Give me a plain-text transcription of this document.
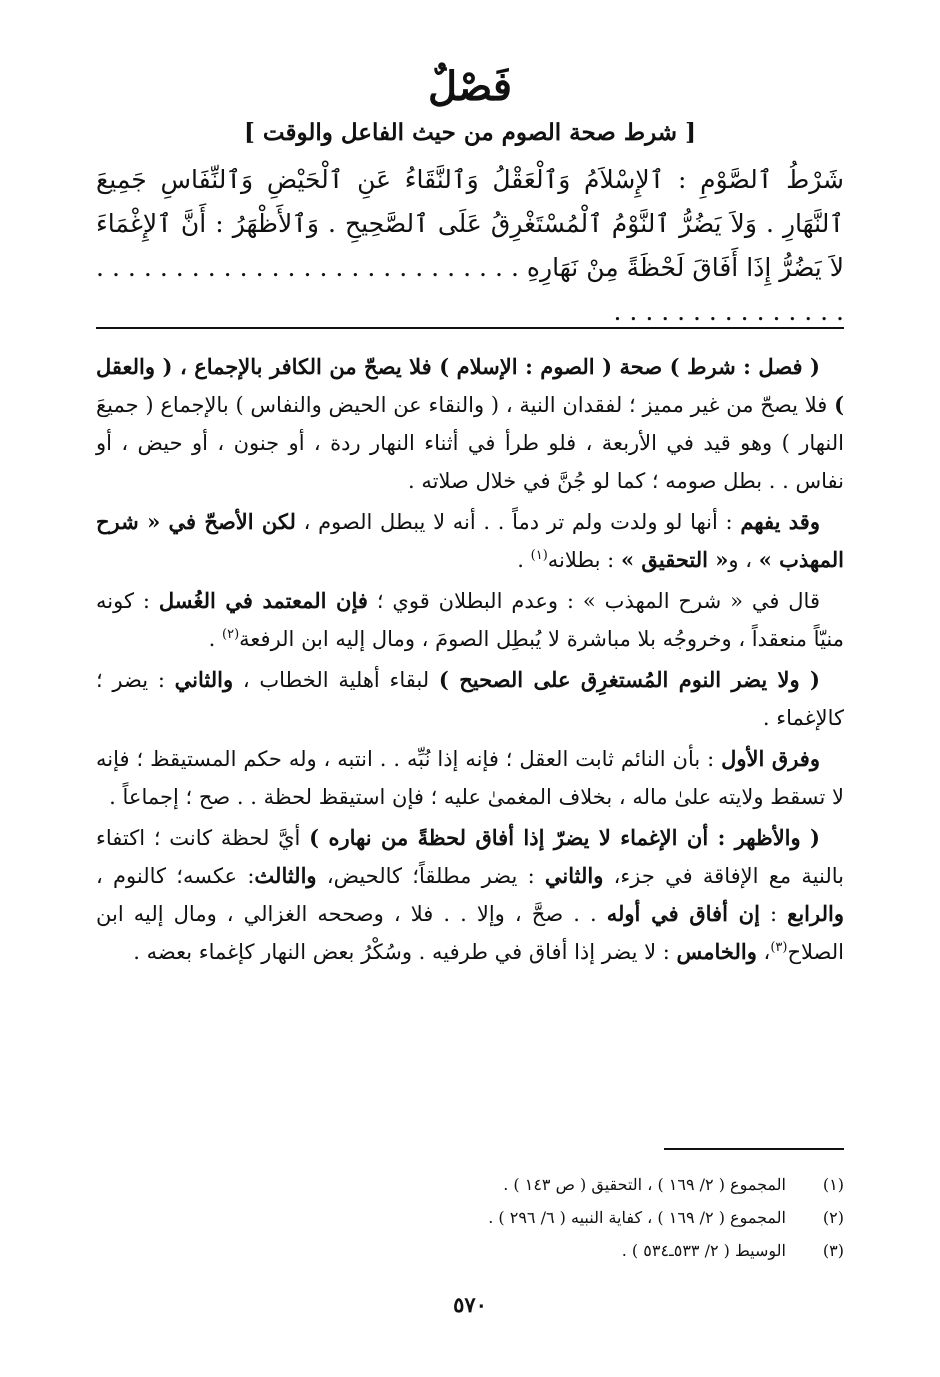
فَصْلٌ
[ شرط صحة الصوم من حيث الفاعل والوقت ]

شَرْطُ ٱلصَّوْمِ : ٱلإِسْلاَمُ وَٱلْعَقْلُ وَٱلنَّقَاءُ عَنِ ٱلْحَيْضِ وَٱلنِّفَاسِ جَمِيعَ ٱلنَّهَارِ . وَلاَ يَضُرُّ ٱلنَّوْمُ ٱلْمُسْتَغْرِقُ عَلَى ٱلصَّحِيحِ . وَٱلأَظْهَرُ : أَنَّ ٱلإِغْمَاءَ لاَ يَضُرُّ إِذَا أَفَاقَ لَحْظَةً مِنْ نَهَارِهِ . . . . . . . . . . . . . . . . . . . . . . . . . . . . . . . . . . . . . . . . . .

( فصل : شرط ) صحة ( الصوم : الإسلام ) فلا يصحّ من الكافر بالإجماع ، ( والعقل ) فلا يصحّ من غير مميز ؛ لفقدان النية ، ( والنقاء عن الحيض والنفاس ) بالإجماع ( جميعَ النهار ) وهو قيد في الأربعة ، فلو طرأ في أثناء النهار ردة ، أو جنون ، أو حيض ، أو نفاس . . بطل صومه ؛ كما لو جُنَّ في خلال صلاته .

وقد يفهم : أنها لو ولدت ولم تر دماً . . أنه لا يبطل الصوم ، لكن الأصحّ في « شرح المهذب » ، و« التحقيق » : بطلانه$^{(١)}$ .

قال في « شرح المهذب » : وعدم البطلان قوي ؛ فإن المعتمد في الغُسل : كونه منيّاً منعقداً ، وخروجُه بلا مباشرة لا يُبطِل الصومَ ، ومال إليه ابن الرفعة$^{(٢)}$ .

( ولا يضر النوم المُستغرِق على الصحيح ) لبقاء أهلية الخطاب ، والثاني : يضر ؛ كالإغماء .

وفرق الأول : بأن النائم ثابت العقل ؛ فإنه إذا نُبِّه . . انتبه ، وله حكم المستيقظ ؛ فإنه لا تسقط ولايته علىٰ ماله ، بخلاف المغمىٰ عليه ؛ فإن استيقظ لحظة . . صح ؛ إجماعاً .

( والأظهر : أن الإغماء لا يضرّ إذا أفاق لحظةً من نهاره ) أيَّ لحظة كانت ؛ اكتفاء بالنية مع الإفاقة في جزء، والثاني : يضر مطلقاً؛ كالحيض، والثالث: عكسه؛ كالنوم ، والرابع : إن أفاق في أوله . . صحَّ ، وإلا . . فلا ، وصححه الغزالي ، ومال إليه ابن الصلاح$^{(٣)}$، والخامس : لا يضر إذا أفاق في طرفيه . وسُكْرُ بعض النهار كإغماء بعضه .

(١)
المجموع ( ٢/ ١٦٩ ) ، التحقيق ( ص ١٤٣ ) .
(٢)
المجموع ( ٢/ ١٦٩ ) ، كفاية النبيه ( ٦/ ٢٩٦ ) .
(٣)
الوسيط ( ٢/ ٥٣٣ـ٥٣٤ ) .
٥٧٠
